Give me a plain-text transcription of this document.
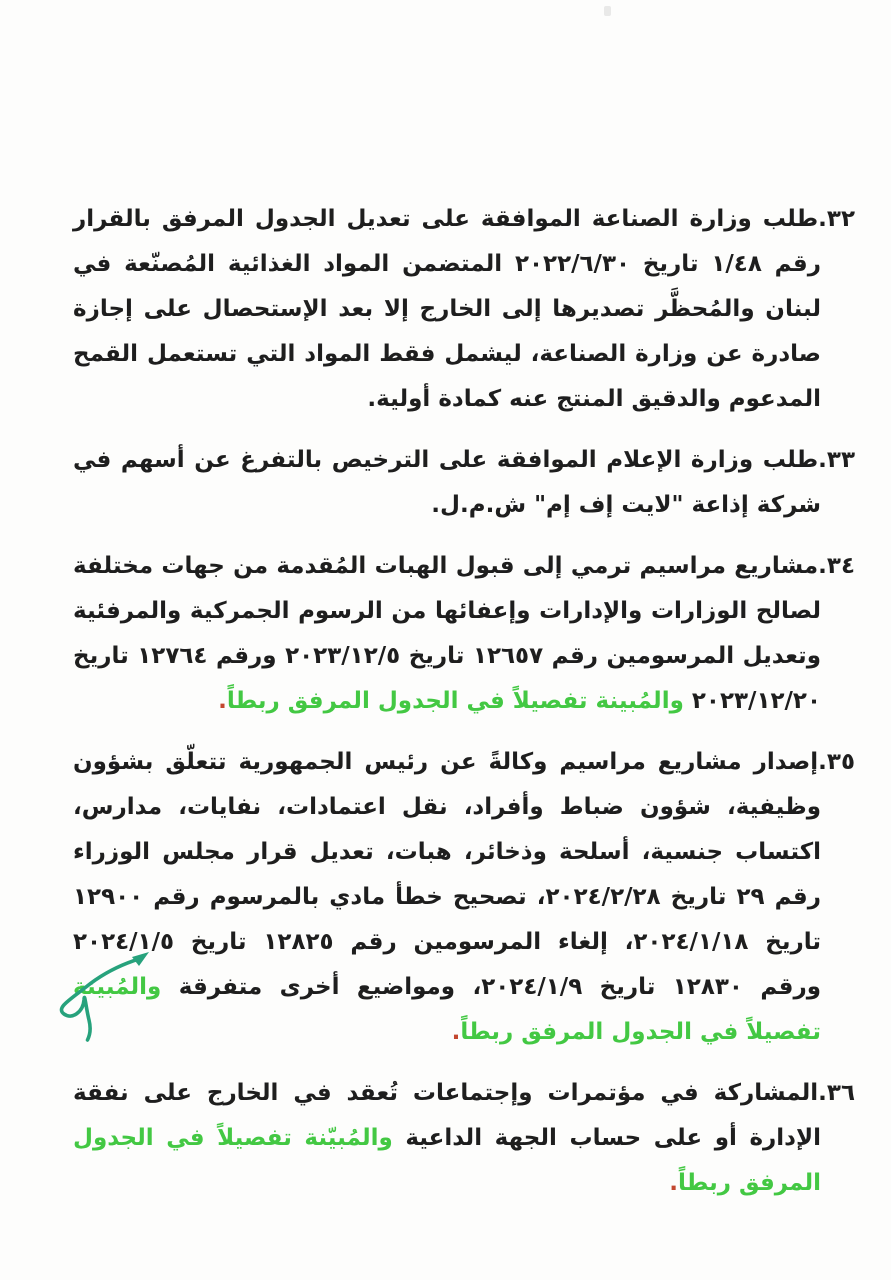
٣٢.طلب وزارة الصناعة الموافقة على تعديل الجدول المرفق بالقرار رقم ١/٤٨ تاريخ ٢٠٢٢/٦/٣٠ المتضمن المواد الغذائية المُصنّعة في لبنان والمُحظَّر تصديرها إلى الخارج إلا بعد الإستحصال على إجازة صادرة عن وزارة الصناعة، ليشمل فقط المواد التي تستعمل القمح المدعوم والدقيق المنتج عنه كمادة أولية.

٣٣.طلب وزارة الإعلام الموافقة على الترخيص بالتفرغ عن أسهم في شركة إذاعة "لايت إف إم" ش.م.ل.

٣٤.مشاريع مراسيم ترمي إلى قبول الهبات المُقدمة من جهات مختلفة لصالح الوزارات والإدارات وإعفائها من الرسوم الجمركية والمرفئية وتعديل المرسومين رقم ١٢٦٥٧ تاريخ ٢٠٢٣/١٢/٥ ورقم ١٢٧٦٤ تاريخ ٢٠٢٣/١٢/٢٠ والمُبينة تفصيلاً في الجدول المرفق ربطاً.

٣٥.إصدار مشاريع مراسيم وكالةً عن رئيس الجمهورية تتعلّق بشؤون وظيفية، شؤون ضباط وأفراد، نقل اعتمادات، نفايات، مدارس، اكتساب جنسية، أسلحة وذخائر، هبات، تعديل قرار مجلس الوزراء رقم ٢٩ تاريخ ٢٠٢٤/٢/٢٨، تصحيح خطأ مادي بالمرسوم رقم ١٢٩٠٠ تاريخ ٢٠٢٤/١/١٨، إلغاء المرسومين رقم ١٢٨٢٥ تاريخ ٢٠٢٤/١/٥ ورقم ١٢٨٣٠ تاريخ ٢٠٢٤/١/٩، ومواضيع أخرى متفرقة والمُبينة تفصيلاً في الجدول المرفق ربطاً.

٣٦.المشاركة في مؤتمرات وإجتماعات تُعقد في الخارج على نفقة الإدارة أو على حساب الجهة الداعية والمُبيّنة تفصيلاً في الجدول المرفق ربطاً.
